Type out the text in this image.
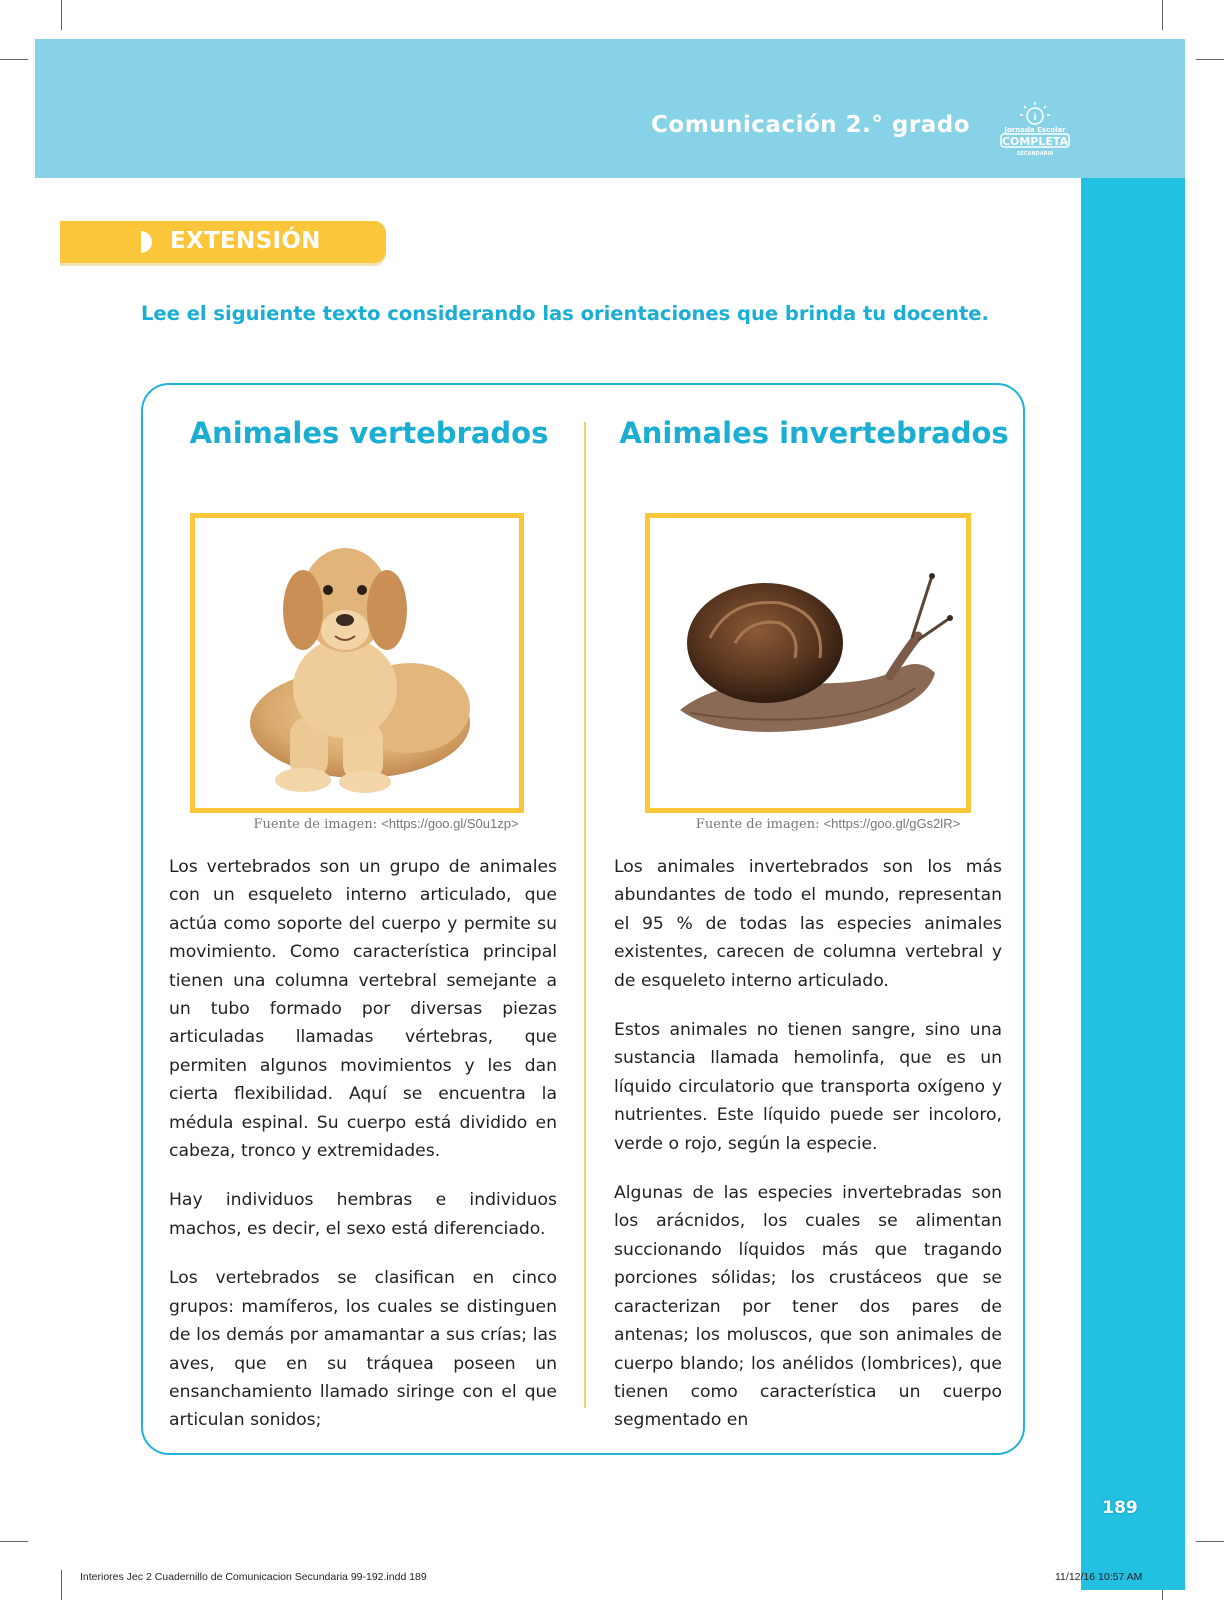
Comunicación 2.° grado	i
Jornada Escolar
COMPLETA
SECUNDARIA
EXTENSIÓN
Lee el siguiente texto considerando las orientaciones que brinda tu docente.
Animales vertebrados
Fuente de imagen: <https://goo.gl/S0u1zp>

Los vertebrados son un grupo de animales con un esqueleto interno articulado, que actúa como soporte del cuerpo y permite su movimiento. Como característica principal tienen una columna vertebral semejante a un tubo formado por diversas piezas articuladas llamadas vértebras, que permiten algunos movimientos y les dan cierta flexibilidad. Aquí se encuentra la médula espinal. Su cuerpo está dividido en cabeza, tronco y extremidades.

Hay individuos hembras e individuos machos, es decir, el sexo está diferenciado.

Los vertebrados se clasifican en cinco grupos: mamíferos, los cuales se distinguen de los demás por amamantar a sus crías; las aves, que en su tráquea poseen un ensanchamiento llamado siringe con el que articulan sonidos;

Animales invertebrados
Fuente de imagen: <https://goo.gl/gGs2lR>

Los animales invertebrados son los más abundantes de todo el mundo, representan el 95 % de todas las especies animales existentes, carecen de columna vertebral y de esqueleto interno articulado.

Estos animales no tienen sangre, sino una sustancia llamada hemolinfa, que es un líquido circulatorio que transporta oxígeno y nutrientes. Este líquido puede ser incoloro, verde o rojo, según la especie.

Algunas de las especies invertebradas son los arácnidos, los cuales se alimentan succionando líquidos más que tragando porciones sólidas; los crustáceos que se caracterizan por tener dos pares de antenas; los moluscos, que son animales de cuerpo blando; los anélidos (lombrices), que tienen como característica un cuerpo segmentado en

189
Interiores Jec 2 Cuadernillo de Comunicacion Secundaria 99-192.indd 189	11/12/16 10:57 AM
